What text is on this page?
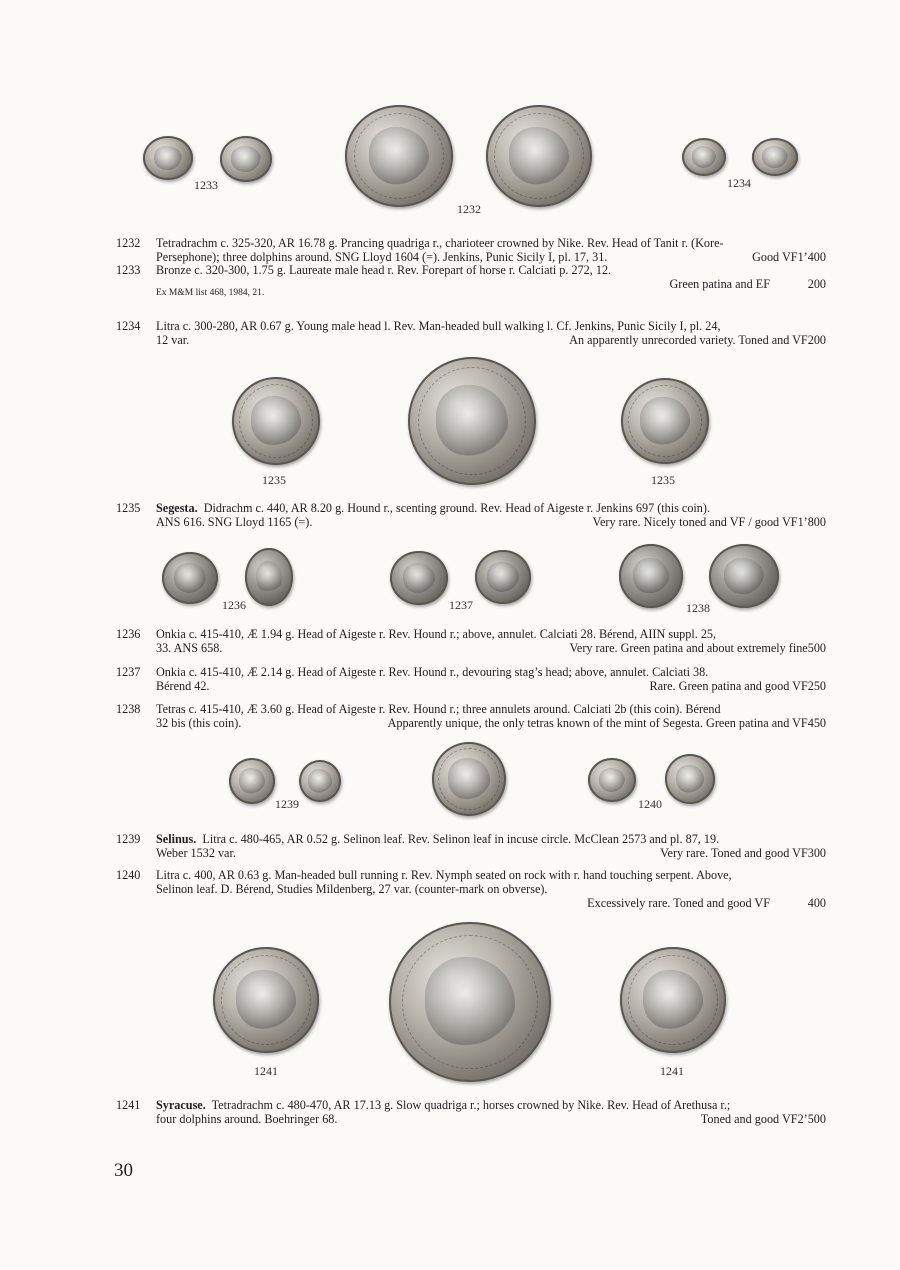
1233
1232
1234
1232	Tetradrachm c. 325-320, AR 16.78 g. Prancing quadriga r., charioteer crowned by Nike. Rev. Head of Tanit r. (Kore-
Persephone); three dolphins around. SNG Lloyd 1604 (=). Jenkins, Punic Sicily I, pl. 17, 31.	Good VF1’400
1233	Bronze c. 320-300, 1.75 g. Laureate male head r. Rev. Forepart of horse r. Calciati p. 272, 12.
Green patina and EF	200
Ex M&M list 468, 1984, 21.
1234	Litra c. 300-280, AR 0.67 g. Young male head l. Rev. Man-headed bull walking l. Cf. Jenkins, Punic Sicily I, pl. 24,
12 var.	An apparently unrecorded variety. Toned and VF200
1235	1235
1235	Segesta. Didrachm c. 440, AR 8.20 g. Hound r., scenting ground. Rev. Head of Aigeste r. Jenkins 697 (this coin).
ANS 616. SNG Lloyd 1165 (=).	Very rare. Nicely toned and VF / good VF1’800
1236	1237	1238
1236	Onkia c. 415-410, Æ 1.94 g. Head of Aigeste r. Rev. Hound r.; above, annulet. Calciati 28. Bérend, AIIN suppl. 25,
33. ANS 658.	Very rare. Green patina and about extremely fine500
1237	Onkia c. 415-410, Æ 2.14 g. Head of Aigeste r. Rev. Hound r., devouring stag’s head; above, annulet. Calciati 38.
Bérend 42.	Rare. Green patina and good VF250
1238	Tetras c. 415-410, Æ 3.60 g. Head of Aigeste r. Rev. Hound r.; three annulets around. Calciati 2b (this coin). Bérend
32 bis (this coin).	Apparently unique, the only tetras known of the mint of Segesta. Green patina and VF450
1239	1240
1239	Selinus. Litra c. 480-465, AR 0.52 g. Selinon leaf. Rev. Selinon leaf in incuse circle. McClean 2573 and pl. 87, 19.
Weber 1532 var.	Very rare. Toned and good VF300
1240	Litra c. 400, AR 0.63 g. Man-headed bull running r. Rev. Nymph seated on rock with r. hand touching serpent. Above,
Selinon leaf. D. Bérend, Studies Mildenberg, 27 var. (counter-mark on obverse).
Excessively rare. Toned and good VF	400
1241	1241
1241	Syracuse. Tetradrachm c. 480-470, AR 17.13 g. Slow quadriga r.; horses crowned by Nike. Rev. Head of Arethusa r.;
four dolphins around. Boehringer 68.	Toned and good VF2’500
30
